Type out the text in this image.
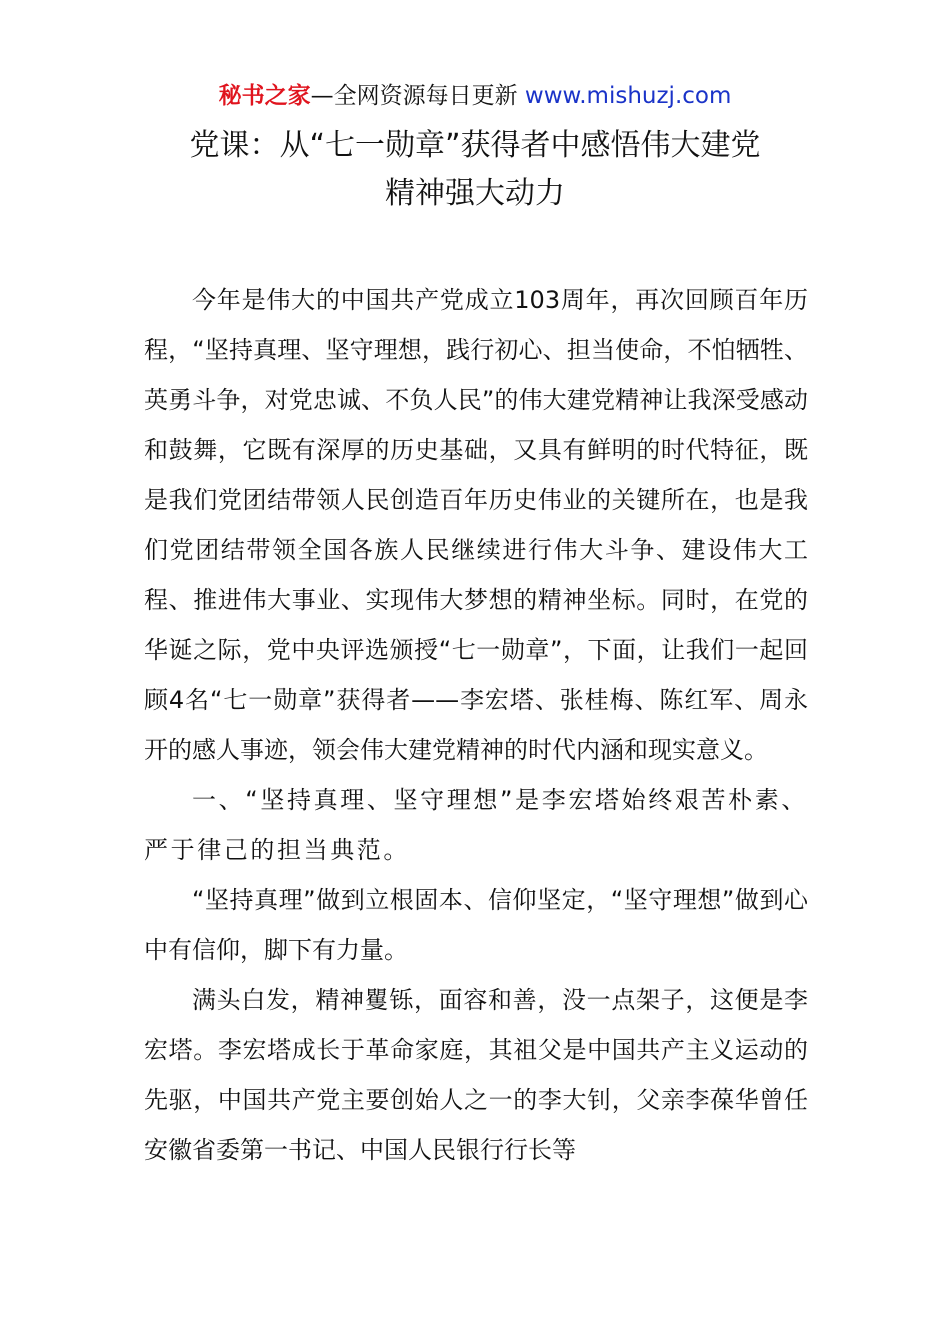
秘书之家—全网资源每日更新 www.mishuzj.com
党课：从“七一勋章”获得者中感悟伟大建党
精神强大动力

今年是伟大的中国共产党成立103周年，再次回顾百年历程，“坚持真理、坚守理想，践行初心、担当使命，不怕牺牲、英勇斗争，对党忠诚、不负人民”的伟大建党精神让我深受感动和鼓舞，它既有深厚的历史基础，又具有鲜明的时代特征，既是我们党团结带领人民创造百年历史伟业的关键所在，也是我们党团结带领全国各族人民继续进行伟大斗争、建设伟大工程、推进伟大事业、实现伟大梦想的精神坐标。同时，在党的华诞之际，党中央评选颁授“七一勋章”，下面，让我们一起回顾4名“七一勋章”获得者——李宏塔、张桂梅、陈红军、周永开的感人事迹，领会伟大建党精神的时代内涵和现实意义。

一、“坚持真理、坚守理想”是李宏塔始终艰苦朴素、严于律己的担当典范。

“坚持真理”做到立根固本、信仰坚定，“坚守理想”做到心中有信仰，脚下有力量。

满头白发，精神矍铄，面容和善，没一点架子，这便是李宏塔。李宏塔成长于革命家庭，其祖父是中国共产主义运动的先驱，中国共产党主要创始人之一的李大钊，父亲李葆华曾任安徽省委第一书记、中国人民银行行长等
